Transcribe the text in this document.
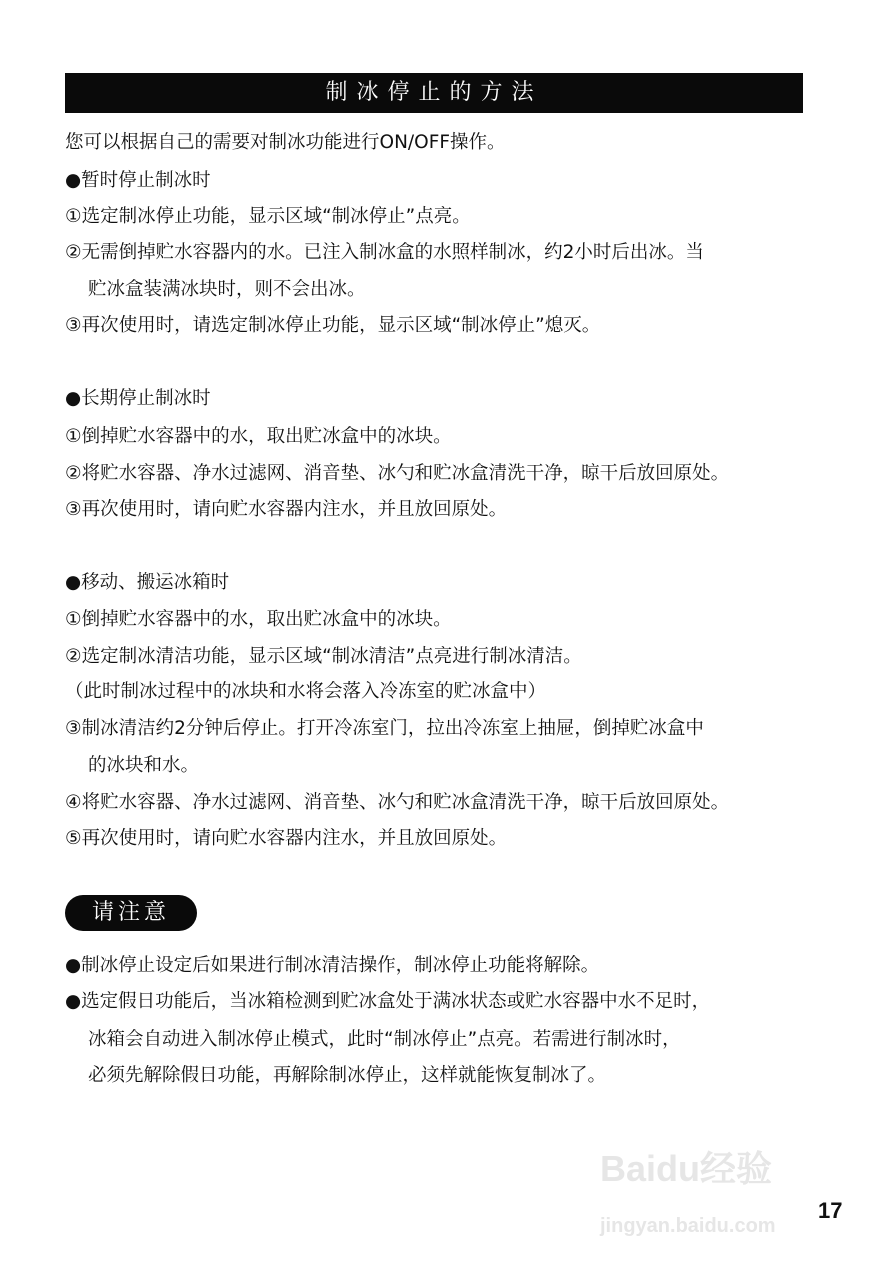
制冰停止的方法
您可以根据自己的需要对制冰功能进行ON/OFF操作。
●暂时停止制冰时
①选定制冰停止功能，显示区域“制冰停止”点亮。
②无需倒掉贮水容器内的水。已注入制冰盒的水照样制冰，约2小时后出冰。当
贮冰盒装满冰块时，则不会出冰。
③再次使用时，请选定制冰停止功能，显示区域“制冰停止”熄灭。
●长期停止制冰时
①倒掉贮水容器中的水，取出贮冰盒中的冰块。
②将贮水容器、净水过滤网、消音垫、冰勺和贮冰盒清洗干净，晾干后放回原处。
③再次使用时，请向贮水容器内注水，并且放回原处。
●移动、搬运冰箱时
①倒掉贮水容器中的水，取出贮冰盒中的冰块。
②选定制冰清洁功能，显示区域“制冰清洁”点亮进行制冰清洁。
（此时制冰过程中的冰块和水将会落入冷冻室的贮冰盒中）
③制冰清洁约2分钟后停止。打开冷冻室门，拉出冷冻室上抽屉，倒掉贮冰盒中
的冰块和水。
④将贮水容器、净水过滤网、消音垫、冰勺和贮冰盒清洗干净，晾干后放回原处。
⑤再次使用时，请向贮水容器内注水，并且放回原处。
请注意
●制冰停止设定后如果进行制冰清洁操作，制冰停止功能将解除。
●选定假日功能后，当冰箱检测到贮冰盒处于满冰状态或贮水容器中水不足时，
冰箱会自动进入制冰停止模式，此时“制冰停止”点亮。若需进行制冰时，
必须先解除假日功能，再解除制冰停止，这样就能恢复制冰了。
Baidu经验
jingyan.baidu.com
17
